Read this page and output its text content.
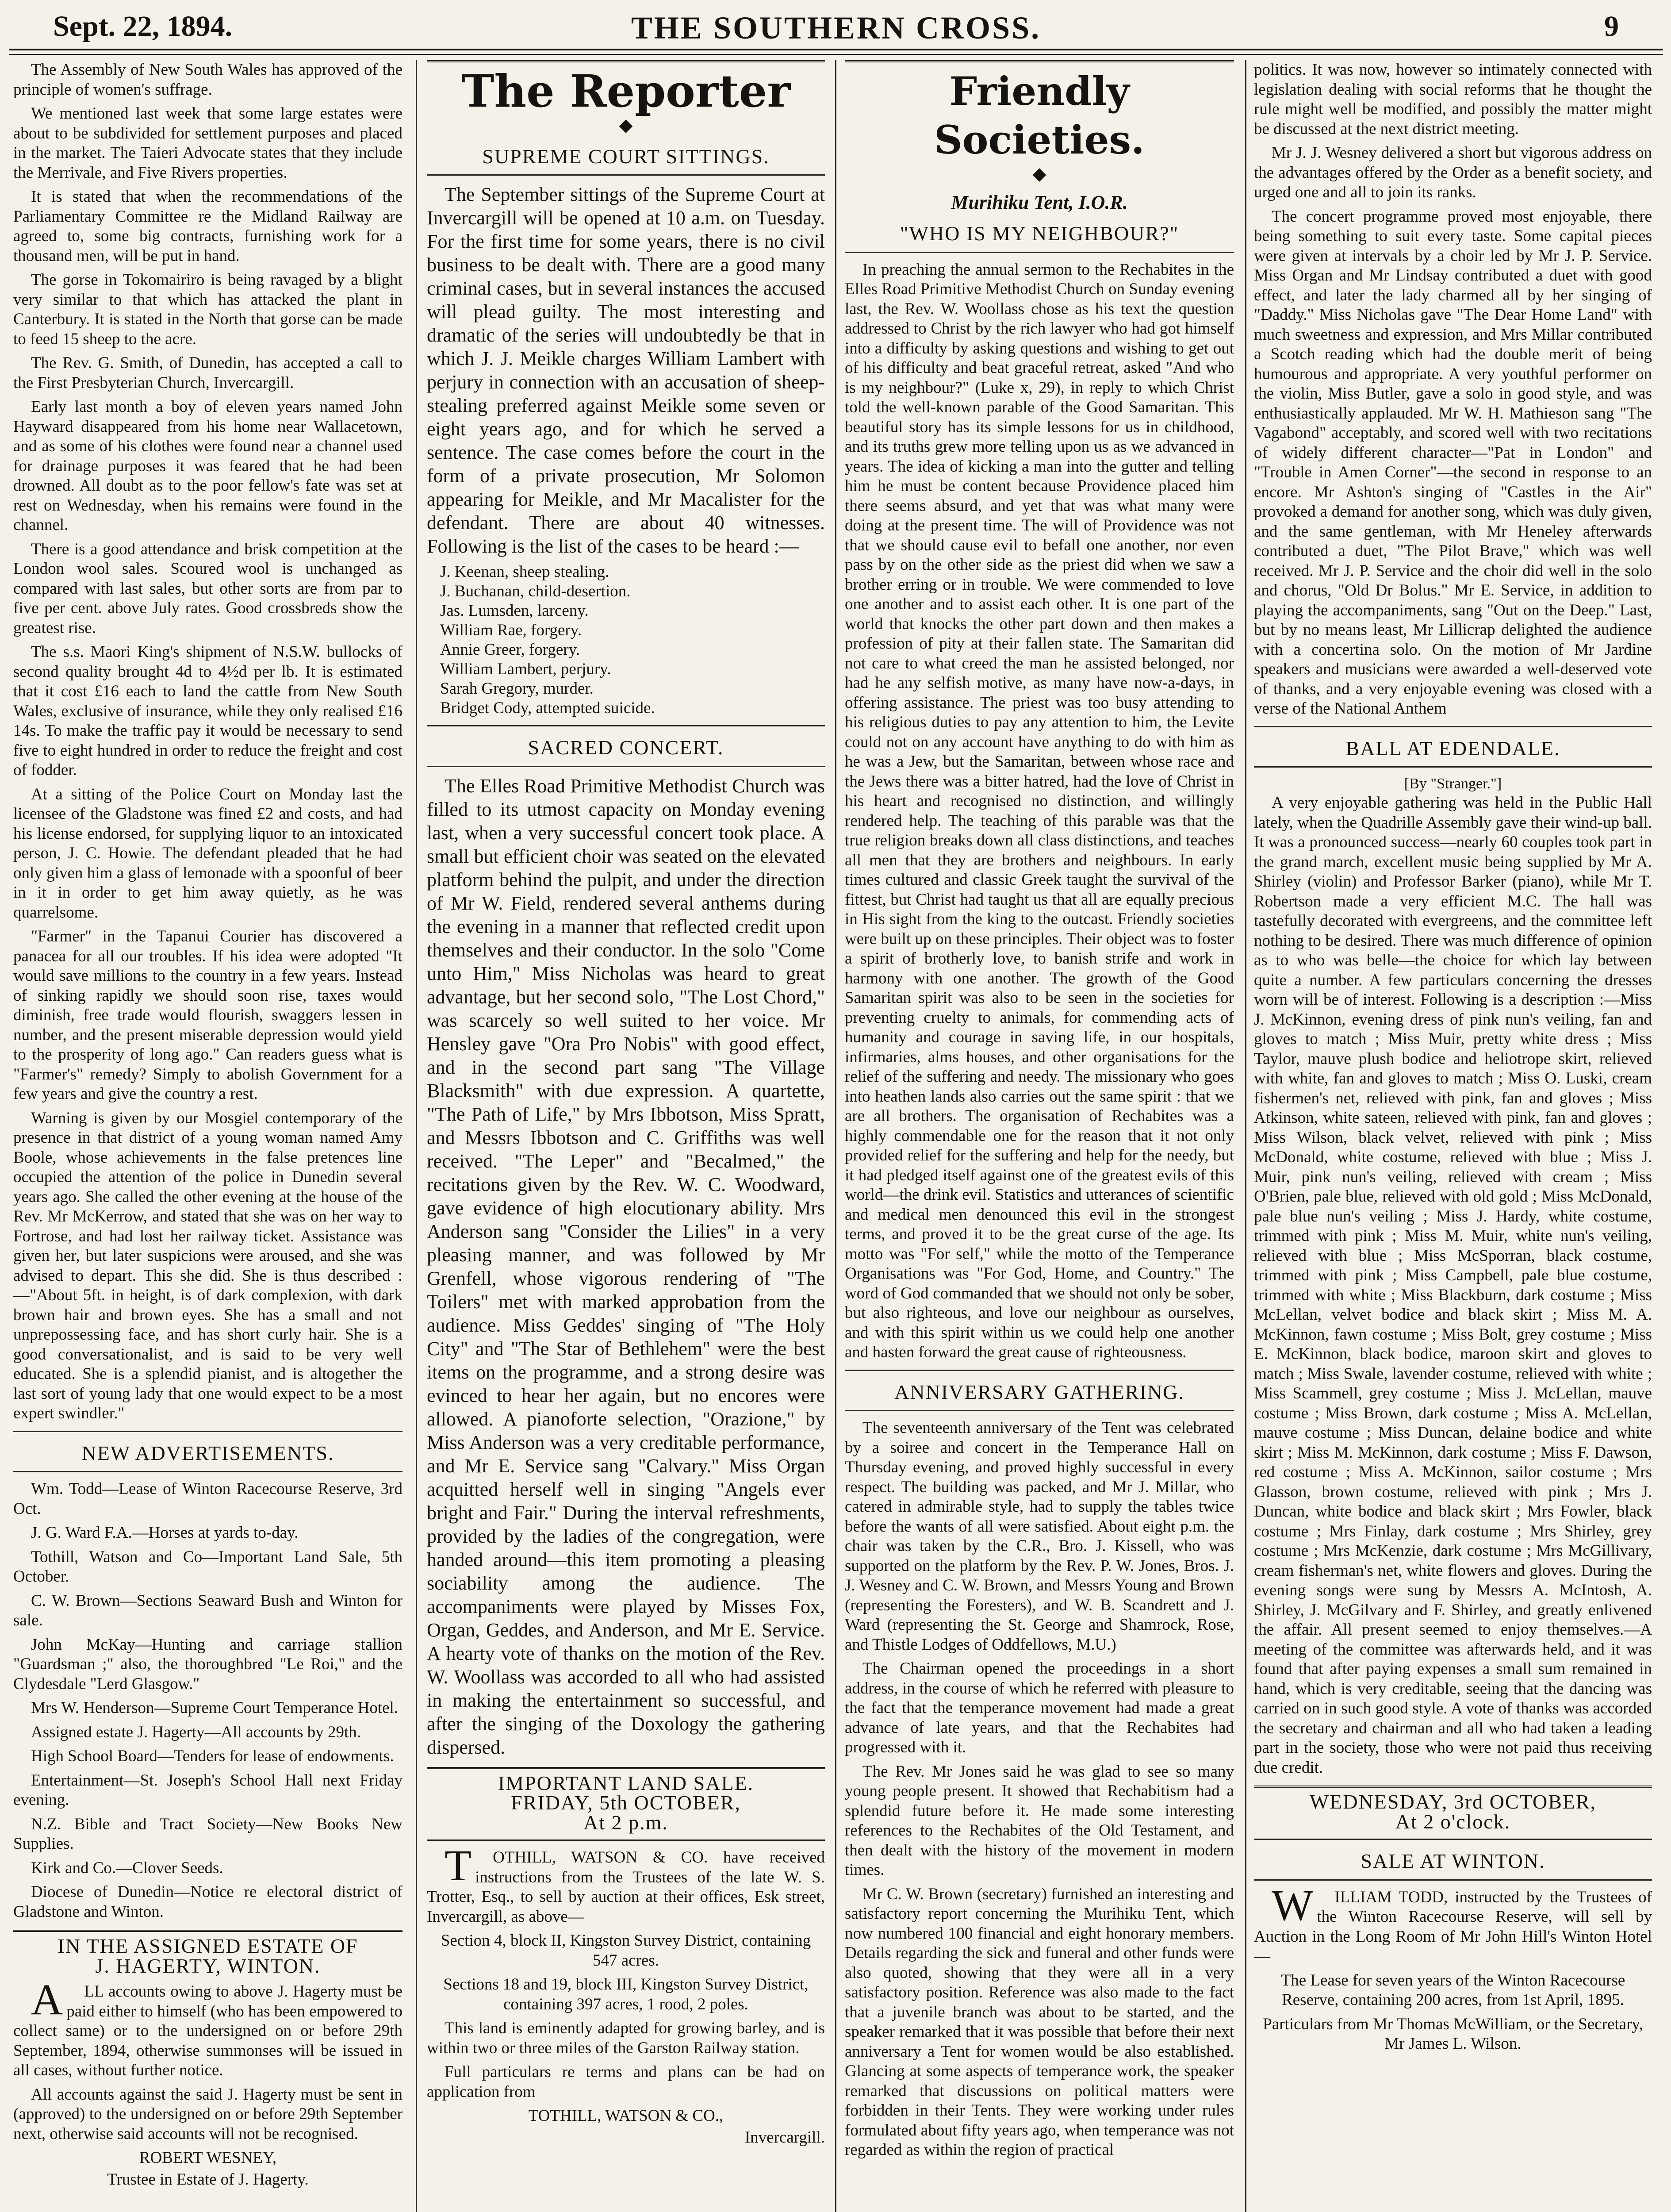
Sept. 22, 1894.	THE SOUTHERN CROSS.	9

The Assembly of New South Wales has approved of the principle of women's suffrage.

We mentioned last week that some large estates were about to be subdivided for settlement purposes and placed in the market. The Taieri Advocate states that they include the Merrivale, and Five Rivers properties.

It is stated that when the recommendations of the Parliamentary Committee re the Midland Railway are agreed to, some big contracts, furnishing work for a thousand men, will be put in hand.

The gorse in Tokomairiro is being ravaged by a blight very similar to that which has attacked the plant in Canterbury. It is stated in the North that gorse can be made to feed 15 sheep to the acre.

The Rev. G. Smith, of Dunedin, has accepted a call to the First Presbyterian Church, Invercargill.

Early last month a boy of eleven years named John Hayward disappeared from his home near Wallacetown, and as some of his clothes were found near a channel used for drainage purposes it was feared that he had been drowned. All doubt as to the poor fellow's fate was set at rest on Wednesday, when his remains were found in the channel.

There is a good attendance and brisk competition at the London wool sales. Scoured wool is unchanged as compared with last sales, but other sorts are from par to five per cent. above July rates. Good crossbreds show the greatest rise.

The s.s. Maori King's shipment of N.S.W. bullocks of second quality brought 4d to 4½d per lb. It is estimated that it cost £16 each to land the cattle from New South Wales, exclusive of insurance, while they only realised £16 14s. To make the traffic pay it would be necessary to send five to eight hundred in order to reduce the freight and cost of fodder.

At a sitting of the Police Court on Monday last the licensee of the Gladstone was fined £2 and costs, and had his license endorsed, for supplying liquor to an intoxicated person, J. C. Howie. The defendant pleaded that he had only given him a glass of lemonade with a spoonful of beer in it in order to get him away quietly, as he was quarrelsome.

"Farmer" in the Tapanui Courier has discovered a panacea for all our troubles. If his idea were adopted "It would save millions to the country in a few years. Instead of sinking rapidly we should soon rise, taxes would diminish, free trade would flourish, swaggers lessen in number, and the present miserable depression would yield to the prosperity of long ago." Can readers guess what is "Farmer's" remedy? Simply to abolish Government for a few years and give the country a rest.

Warning is given by our Mosgiel contemporary of the presence in that district of a young woman named Amy Boole, whose achievements in the false pretences line occupied the attention of the police in Dunedin several years ago. She called the other evening at the house of the Rev. Mr McKerrow, and stated that she was on her way to Fortrose, and had lost her railway ticket. Assistance was given her, but later suspicions were aroused, and she was advised to depart. This she did. She is thus described :—"About 5ft. in height, is of dark complexion, with dark brown hair and brown eyes. She has a small and not unprepossessing face, and has short curly hair. She is a good conversationalist, and is said to be very well educated. She is a splendid pianist, and is altogether the last sort of young lady that one would expect to be a most expert swindler."

NEW ADVERTISEMENTS.

Wm. Todd—Lease of Winton Racecourse Reserve, 3rd Oct.

J. G. Ward F.A.—Horses at yards to-day.

Tothill, Watson and Co—Important Land Sale, 5th October.

C. W. Brown—Sections Seaward Bush and Winton for sale.

John McKay—Hunting and carriage stallion "Guardsman ;" also, the thoroughbred "Le Roi," and the Clydesdale "Lerd Glasgow."

Mrs W. Henderson—Supreme Court Temperance Hotel.

Assigned estate J. Hagerty—All accounts by 29th.

High School Board—Tenders for lease of endowments.

Entertainment—St. Joseph's School Hall next Friday evening.

N.Z. Bible and Tract Society—New Books New Supplies.

Kirk and Co.—Clover Seeds.

Diocese of Dunedin—Notice re electoral district of Gladstone and Winton.

IN THE ASSIGNED ESTATE OF
J. HAGERTY, WINTON.

ALL accounts owing to above J. Hagerty must be paid either to himself (who has been empowered to collect same) or to the undersigned on or before 29th September, 1894, otherwise summonses will be issued in all cases, without further notice.

All accounts against the said J. Hagerty must be sent in (approved) to the undersigned on or before 29th September next, otherwise said accounts will not be recognised.

ROBERT WESNEY,
Trustee in Estate of J. Hagerty.
The Reporter
◆
SUPREME COURT SITTINGS.

The September sittings of the Supreme Court at Invercargill will be opened at 10 a.m. on Tuesday. For the first time for some years, there is no civil business to be dealt with. There are a good many criminal cases, but in several instances the accused will plead guilty. The most interesting and dramatic of the series will undoubtedly be that in which J. J. Meikle charges William Lambert with perjury in connection with an accusation of sheep-stealing preferred against Meikle some seven or eight years ago, and for which he served a sentence. The case comes before the court in the form of a private prosecution, Mr Solomon appearing for Meikle, and Mr Macalister for the defendant. There are about 40 witnesses. Following is the list of the cases to be heard :—

J. Keenan, sheep stealing.
J. Buchanan, child-desertion.
Jas. Lumsden, larceny.
William Rae, forgery.
Annie Greer, forgery.
William Lambert, perjury.
Sarah Gregory, murder.
Bridget Cody, attempted suicide.
SACRED CONCERT.

The Elles Road Primitive Methodist Church was filled to its utmost capacity on Monday evening last, when a very successful concert took place. A small but efficient choir was seated on the elevated platform behind the pulpit, and under the direction of Mr W. Field, rendered several anthems during the evening in a manner that reflected credit upon themselves and their conductor. In the solo "Come unto Him," Miss Nicholas was heard to great advantage, but her second solo, "The Lost Chord," was scarcely so well suited to her voice. Mr Hensley gave "Ora Pro Nobis" with good effect, and in the second part sang "The Village Blacksmith" with due expression. A quartette, "The Path of Life," by Mrs Ibbotson, Miss Spratt, and Messrs Ibbotson and C. Griffiths was well received. "The Leper" and "Becalmed," the recitations given by the Rev. W. C. Woodward, gave evidence of high elocutionary ability. Mrs Anderson sang "Consider the Lilies" in a very pleasing manner, and was followed by Mr Grenfell, whose vigorous rendering of "The Toilers" met with marked approbation from the audience. Miss Geddes' singing of "The Holy City" and "The Star of Bethlehem" were the best items on the programme, and a strong desire was evinced to hear her again, but no encores were allowed. A pianoforte selection, "Orazione," by Miss Anderson was a very creditable performance, and Mr E. Service sang "Calvary." Miss Organ acquitted herself well in singing "Angels ever bright and Fair." During the interval refreshments, provided by the ladies of the congregation, were handed around—this item promoting a pleasing sociability among the audience. The accompaniments were played by Misses Fox, Organ, Geddes, and Anderson, and Mr E. Service. A hearty vote of thanks on the motion of the Rev. W. Woollass was accorded to all who had assisted in making the entertainment so successful, and after the singing of the Doxology the gathering dispersed.

IMPORTANT LAND SALE.
FRIDAY, 5th OCTOBER,
At 2 p.m.

TOTHILL, WATSON & CO. have received instructions from the Trustees of the late W. S. Trotter, Esq., to sell by auction at their offices, Esk street, Invercargill, as above—

Section 4, block II, Kingston Survey District, containing 547 acres.

Sections 18 and 19, block III, Kingston Survey District, containing 397 acres, 1 rood, 2 poles.

This land is eminently adapted for growing barley, and is within two or three miles of the Garston Railway station.

Full particulars re terms and plans can be had on application from

TOTHILL, WATSON & CO.,
Invercargill.
Friendly Societies.
◆
Murihiku Tent, I.O.R.
"WHO IS MY NEIGHBOUR?"

In preaching the annual sermon to the Rechabites in the Elles Road Primitive Methodist Church on Sunday evening last, the Rev. W. Woollass chose as his text the question addressed to Christ by the rich lawyer who had got himself into a difficulty by asking questions and wishing to get out of his difficulty and beat graceful retreat, asked "And who is my neighbour?" (Luke x, 29), in reply to which Christ told the well-known parable of the Good Samaritan. This beautiful story has its simple lessons for us in childhood, and its truths grew more telling upon us as we advanced in years. The idea of kicking a man into the gutter and telling him he must be content because Providence placed him there seems absurd, and yet that was what many were doing at the present time. The will of Providence was not that we should cause evil to befall one another, nor even pass by on the other side as the priest did when we saw a brother erring or in trouble. We were commended to love one another and to assist each other. It is one part of the world that knocks the other part down and then makes a profession of pity at their fallen state. The Samaritan did not care to what creed the man he assisted belonged, nor had he any selfish motive, as many have now-a-days, in offering assistance. The priest was too busy attending to his religious duties to pay any attention to him, the Levite could not on any account have anything to do with him as he was a Jew, but the Samaritan, between whose race and the Jews there was a bitter hatred, had the love of Christ in his heart and recognised no distinction, and willingly rendered help. The teaching of this parable was that the true religion breaks down all class distinctions, and teaches all men that they are brothers and neighbours. In early times cultured and classic Greek taught the survival of the fittest, but Christ had taught us that all are equally precious in His sight from the king to the outcast. Friendly societies were built up on these principles. Their object was to foster a spirit of brotherly love, to banish strife and work in harmony with one another. The growth of the Good Samaritan spirit was also to be seen in the societies for preventing cruelty to animals, for commending acts of humanity and courage in saving life, in our hospitals, infirmaries, alms houses, and other organisations for the relief of the suffering and needy. The missionary who goes into heathen lands also carries out the same spirit : that we are all brothers. The organisation of Rechabites was a highly commendable one for the reason that it not only provided relief for the suffering and help for the needy, but it had pledged itself against one of the greatest evils of this world—the drink evil. Statistics and utterances of scientific and medical men denounced this evil in the strongest terms, and proved it to be the great curse of the age. Its motto was "For self," while the motto of the Temperance Organisations was "For God, Home, and Country." The word of God commanded that we should not only be sober, but also righteous, and love our neighbour as ourselves, and with this spirit within us we could help one another and hasten forward the great cause of righteousness.

ANNIVERSARY GATHERING.

The seventeenth anniversary of the Tent was celebrated by a soiree and concert in the Temperance Hall on Thursday evening, and proved highly successful in every respect. The building was packed, and Mr J. Millar, who catered in admirable style, had to supply the tables twice before the wants of all were satisfied. About eight p.m. the chair was taken by the C.R., Bro. J. Kissell, who was supported on the platform by the Rev. P. W. Jones, Bros. J. J. Wesney and C. W. Brown, and Messrs Young and Brown (representing the Foresters), and W. B. Scandrett and J. Ward (representing the St. George and Shamrock, Rose, and Thistle Lodges of Oddfellows, M.U.)

The Chairman opened the proceedings in a short address, in the course of which he referred with pleasure to the fact that the temperance movement had made a great advance of late years, and that the Rechabites had progressed with it.

The Rev. Mr Jones said he was glad to see so many young people present. It showed that Rechabitism had a splendid future before it. He made some interesting references to the Rechabites of the Old Testament, and then dealt with the history of the movement in modern times.

Mr C. W. Brown (secretary) furnished an interesting and satisfactory report concerning the Murihiku Tent, which now numbered 100 financial and eight honorary members. Details regarding the sick and funeral and other funds were also quoted, showing that they were all in a very satisfactory position. Reference was also made to the fact that a juvenile branch was about to be started, and the speaker remarked that it was possible that before their next anniversary a Tent for women would be also established. Glancing at some aspects of temperance work, the speaker remarked that discussions on political matters were forbidden in their Tents. They were working under rules formulated about fifty years ago, when temperance was not regarded as within the region of practical

politics. It was now, however so intimately connected with legislation dealing with social reforms that he thought the rule might well be modified, and possibly the matter might be discussed at the next district meeting.

Mr J. J. Wesney delivered a short but vigorous address on the advantages offered by the Order as a benefit society, and urged one and all to join its ranks.

The concert programme proved most enjoyable, there being something to suit every taste. Some capital pieces were given at intervals by a choir led by Mr J. P. Service. Miss Organ and Mr Lindsay contributed a duet with good effect, and later the lady charmed all by her singing of "Daddy." Miss Nicholas gave "The Dear Home Land" with much sweetness and expression, and Mrs Millar contributed a Scotch reading which had the double merit of being humourous and appropriate. A very youthful performer on the violin, Miss Butler, gave a solo in good style, and was enthusiastically applauded. Mr W. H. Mathieson sang "The Vagabond" acceptably, and scored well with two recitations of widely different character—"Pat in London" and "Trouble in Amen Corner"—the second in response to an encore. Mr Ashton's singing of "Castles in the Air" provoked a demand for another song, which was duly given, and the same gentleman, with Mr Heneley afterwards contributed a duet, "The Pilot Brave," which was well received. Mr J. P. Service and the choir did well in the solo and chorus, "Old Dr Bolus." Mr E. Service, in addition to playing the accompaniments, sang "Out on the Deep." Last, but by no means least, Mr Lillicrap delighted the audience with a concertina solo. On the motion of Mr Jardine speakers and musicians were awarded a well-deserved vote of thanks, and a very enjoyable evening was closed with a verse of the National Anthem

BALL AT EDENDALE.
[By "Stranger."]

A very enjoyable gathering was held in the Public Hall lately, when the Quadrille Assembly gave their wind-up ball. It was a pronounced success—nearly 60 couples took part in the grand march, excellent music being supplied by Mr A. Shirley (violin) and Professor Barker (piano), while Mr T. Robertson made a very efficient M.C. The hall was tastefully decorated with evergreens, and the committee left nothing to be desired. There was much difference of opinion as to who was belle—the choice for which lay between quite a number. A few particulars concerning the dresses worn will be of interest. Following is a description :—Miss J. McKinnon, evening dress of pink nun's veiling, fan and gloves to match ; Miss Muir, pretty white dress ; Miss Taylor, mauve plush bodice and heliotrope skirt, relieved with white, fan and gloves to match ; Miss O. Luski, cream fishermen's net, relieved with pink, fan and gloves ; Miss Atkinson, white sateen, relieved with pink, fan and gloves ; Miss Wilson, black velvet, relieved with pink ; Miss McDonald, white costume, relieved with blue ; Miss J. Muir, pink nun's veiling, relieved with cream ; Miss O'Brien, pale blue, relieved with old gold ; Miss McDonald, pale blue nun's veiling ; Miss J. Hardy, white costume, trimmed with pink ; Miss M. Muir, white nun's veiling, relieved with blue ; Miss McSporran, black costume, trimmed with pink ; Miss Campbell, pale blue costume, trimmed with white ; Miss Blackburn, dark costume ; Miss McLellan, velvet bodice and black skirt ; Miss M. A. McKinnon, fawn costume ; Miss Bolt, grey costume ; Miss E. McKinnon, black bodice, maroon skirt and gloves to match ; Miss Swale, lavender costume, relieved with white ; Miss Scammell, grey costume ; Miss J. McLellan, mauve costume ; Miss Brown, dark costume ; Miss A. McLellan, mauve costume ; Miss Duncan, delaine bodice and white skirt ; Miss M. McKinnon, dark costume ; Miss F. Dawson, red costume ; Miss A. McKinnon, sailor costume ; Mrs Glasson, brown costume, relieved with pink ; Mrs J. Duncan, white bodice and black skirt ; Mrs Fowler, black costume ; Mrs Finlay, dark costume ; Mrs Shirley, grey costume ; Mrs McKenzie, dark costume ; Mrs McGillivary, cream fisherman's net, white flowers and gloves. During the evening songs were sung by Messrs A. McIntosh, A. Shirley, J. McGilvary and F. Shirley, and greatly enlivened the affair. All present seemed to enjoy themselves.—A meeting of the committee was afterwards held, and it was found that after paying expenses a small sum remained in hand, which is very creditable, seeing that the dancing was carried on in such good style. A vote of thanks was accorded the secretary and chairman and all who had taken a leading part in the society, those who were not paid thus receiving due credit.

WEDNESDAY, 3rd OCTOBER,
At 2 o'clock.
SALE AT WINTON.

WILLIAM TODD, instructed by the Trustees of the Winton Racecourse Reserve, will sell by Auction in the Long Room of Mr John Hill's Winton Hotel—

The Lease for seven years of the Winton Racecourse Reserve, containing 200 acres, from 1st April, 1895.

Particulars from Mr Thomas McWilliam, or the Secretary, Mr James L. Wilson.
